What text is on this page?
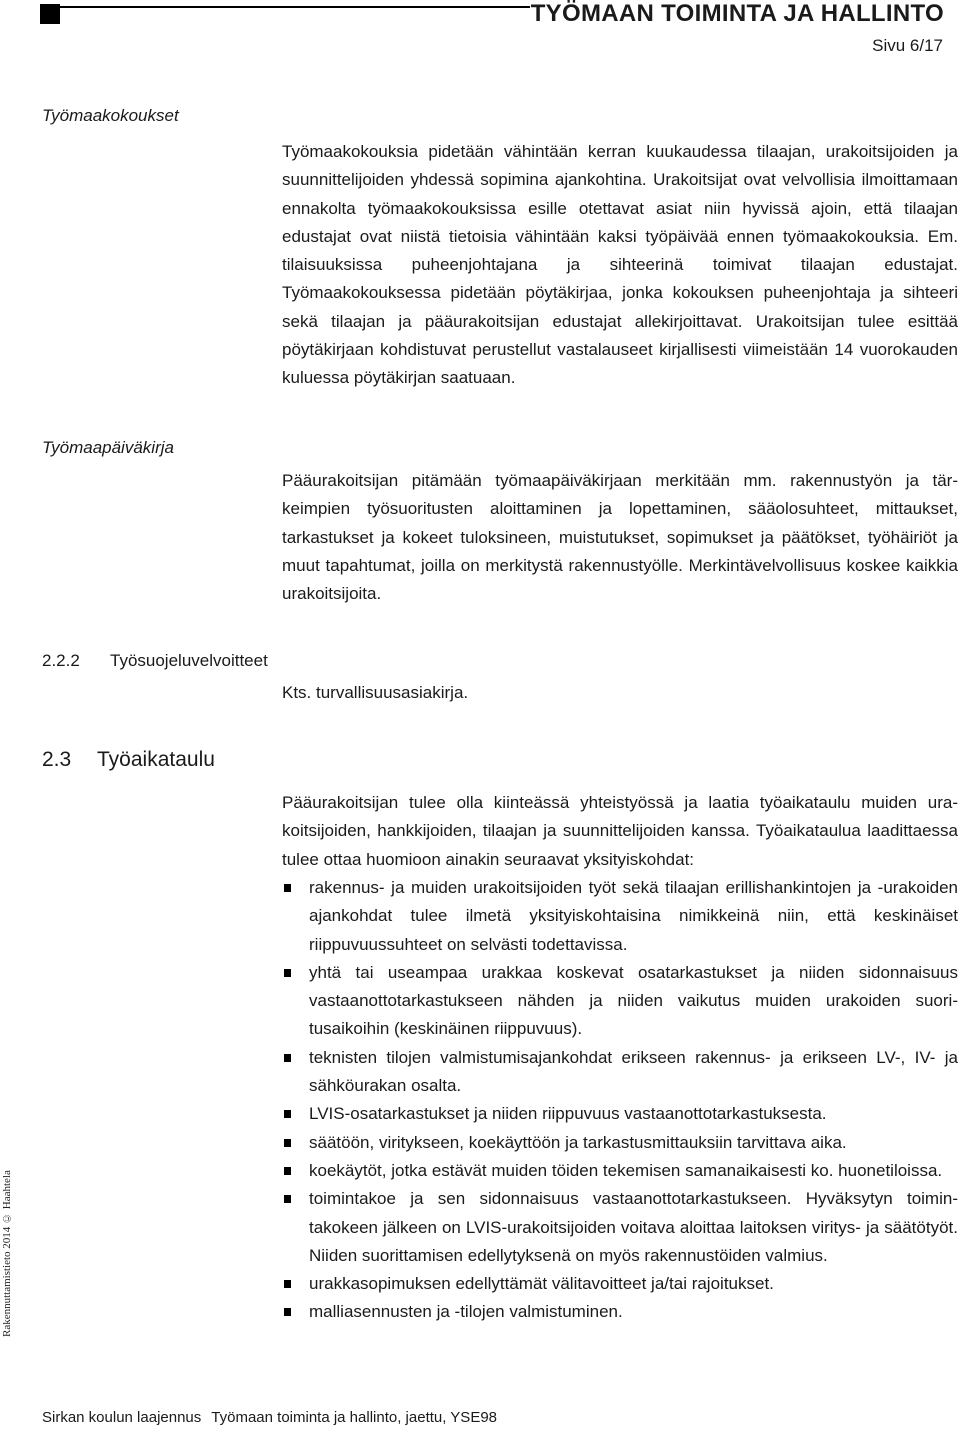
TYÖMAAN TOIMINTA JA HALLINTO
Sivu 6/17
Työmaakokoukset

Työmaakokouksia pidetään vähintään kerran kuukaudessa tilaajan, urakoitsijoiden ja suunnittelijoiden yhdessä sopimina ajankohtina. Urakoitsijat ovat velvollisia ilmoittamaan ennakolta työmaakokouksissa esille otettavat asiat niin hyvissä ajoin, että tilaajan edustajat ovat niistä tietoisia vähintään kaksi työpäivää ennen työmaakokouksia. Em. tilaisuuksissa puheenjohtajana ja sihteerinä toimivat tilaajan edustajat. Työmaakokouksessa pidetään pöytäkirjaa, jonka kokouksen puheenjohtaja ja sihteeri sekä tilaajan ja pääurakoitsijan edustajat allekirjoittavat. Urakoitsijan tulee esittää pöytäkirjaan kohdistuvat perustellut vastalauseet kirjallisesti viimeistään 14 vuorokauden kuluessa pöytäkirjan saatuaan.

Työmaapäiväkirja

Pääurakoitsijan pitämään työmaapäiväkirjaan merkitään mm. rakennustyön ja tärkeimpien työsuoritusten aloittaminen ja lopettaminen, sääolosuhteet, mittaukset, tarkastukset ja kokeet tuloksineen, muistutukset, sopimukset ja päätökset, työhäiriöt ja muut tapahtumat, joilla on merkitystä rakennustyölle. Merkintävelvollisuus koskee kaikkia urakoitsijoita.

2.2.2 Työsuojeluvelvoitteet
Kts. turvallisuusasiakirja.
2.3 Työaikataulu

Pääurakoitsijan tulee olla kiinteässä yhteistyössä ja laatia työaikataulu muiden urakoitsijoiden, hankkijoiden, tilaajan ja suunnittelijoiden kanssa. Työaikataulua laadittaessa tulee ottaa huomioon ainakin seuraavat yksityiskohdat:

rakennus- ja muiden urakoitsijoiden työt sekä tilaajan erillishankintojen ja -urakoiden ajankohdat tulee ilmetä yksityiskohtaisina nimikkeinä niin, että keskinäiset riippuvuussuhteet on selvästi todettavissa.
yhtä tai useampaa urakkaa koskevat osatarkastukset ja niiden sidonnaisuus vastaanottotarkastukseen nähden ja niiden vaikutus muiden urakoiden suoritusaikoihin (keskinäinen riippuvuus).
teknisten tilojen valmistumisajankohdat erikseen rakennus- ja erikseen LV-, IV- ja sähköurakan osalta.
LVIS-osatarkastukset ja niiden riippuvuus vastaanottotarkastuksesta.
säätöön, viritykseen, koekäyttöön ja tarkastusmittauksiin tarvittava aika.
koekäytöt, jotka estävät muiden töiden tekemisen samanaikaisesti ko. huonetiloissa.
toimintakoe ja sen sidonnaisuus vastaanottotarkastukseen. Hyväksytyn toimintakokeen jälkeen on LVIS-urakoitsijoiden voitava aloittaa laitoksen viritys- ja säätötyöt. Niiden suorittamisen edellytyksenä on myös rakennustöiden valmius.
urakkasopimuksen edellyttämät välitavoitteet ja/tai rajoitukset.
malliasennusten ja -tilojen valmistuminen.
Rakennuttamistieto 2014 © Haahtela
Sirkan koulun laajennus Työmaan toiminta ja hallinto, jaettu, YSE98
